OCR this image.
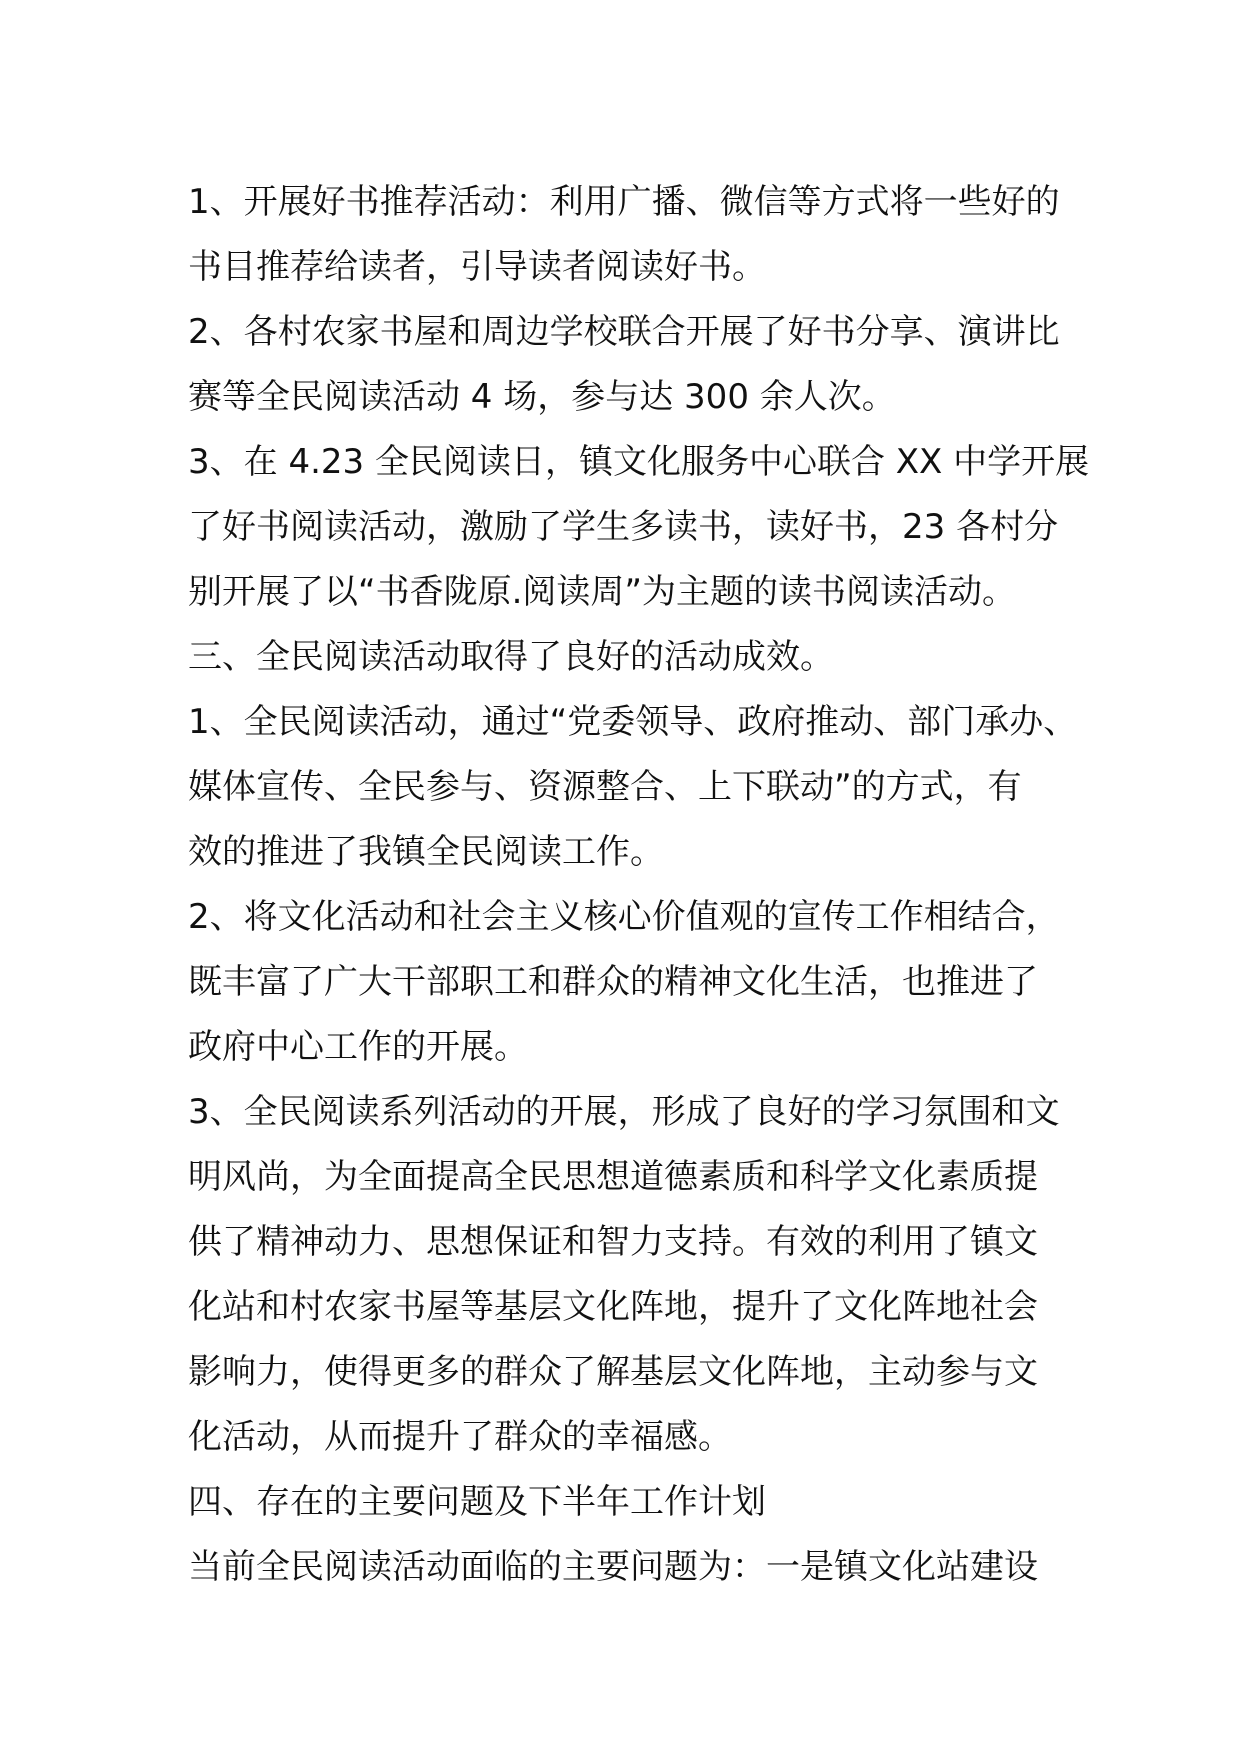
1、开展好书推荐活动：利用广播、微信等方式将一些好的
书目推荐给读者，引导读者阅读好书。
2、各村农家书屋和周边学校联合开展了好书分享、演讲比
赛等全民阅读活动 4 场，参与达 300 余人次。
3、在 4.23 全民阅读日，镇文化服务中心联合 XX 中学开展
了好书阅读活动，激励了学生多读书，读好书，23 各村分
别开展了以“书香陇原.阅读周”为主题的读书阅读活动。
三、全民阅读活动取得了良好的活动成效。
1、全民阅读活动，通过“党委领导、政府推动、部门承办、
媒体宣传、全民参与、资源整合、上下联动”的方式，有
效的推进了我镇全民阅读工作。
2、将文化活动和社会主义核心价值观的宣传工作相结合，
既丰富了广大干部职工和群众的精神文化生活，也推进了
政府中心工作的开展。
3、全民阅读系列活动的开展，形成了良好的学习氛围和文
明风尚，为全面提高全民思想道德素质和科学文化素质提
供了精神动力、思想保证和智力支持。有效的利用了镇文
化站和村农家书屋等基层文化阵地，提升了文化阵地社会
影响力，使得更多的群众了解基层文化阵地，主动参与文
化活动，从而提升了群众的幸福感。
四、存在的主要问题及下半年工作计划
当前全民阅读活动面临的主要问题为：一是镇文化站建设
